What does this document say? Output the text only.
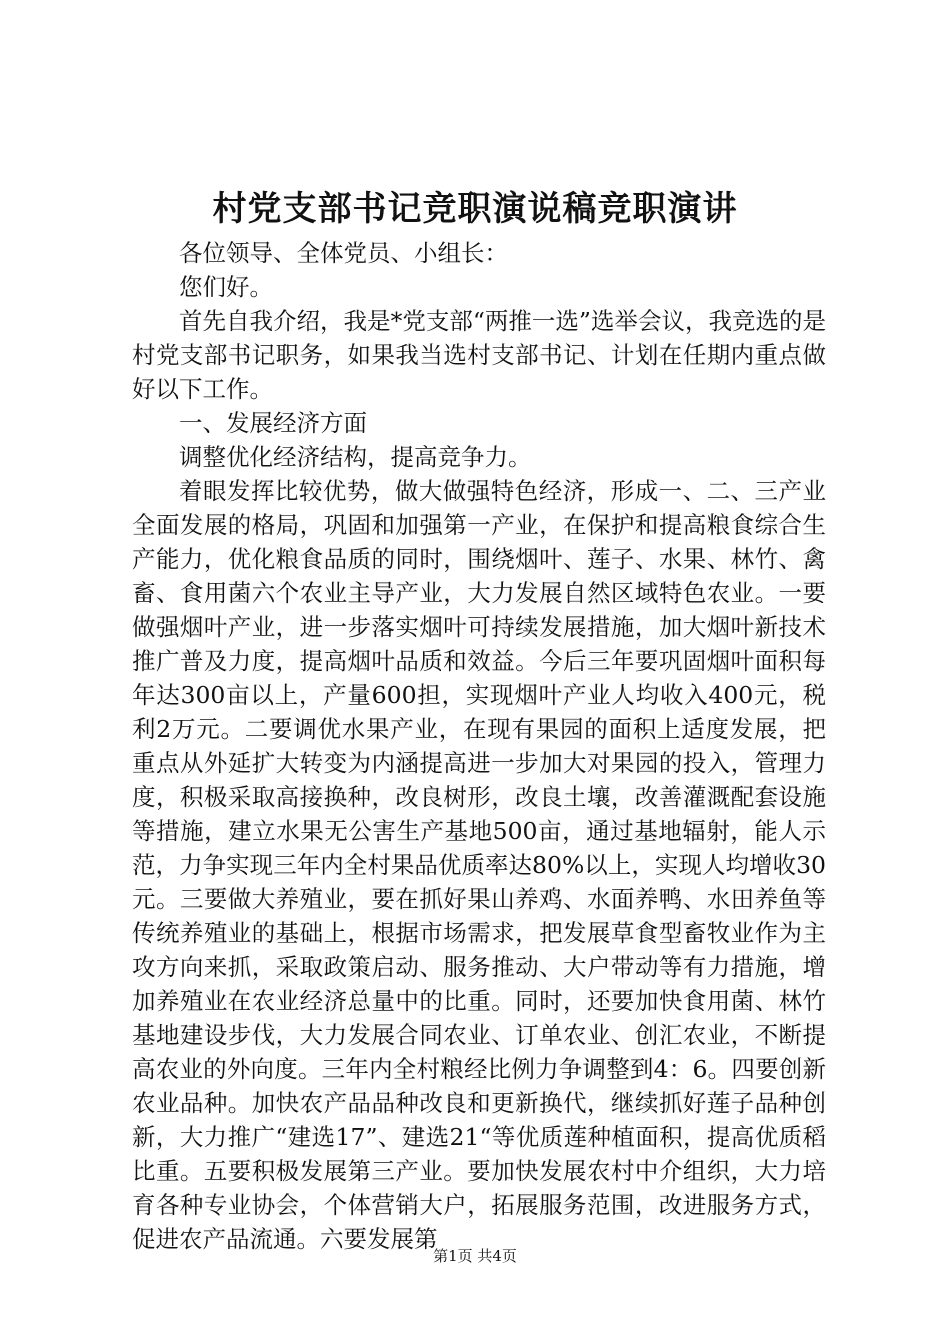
村党支部书记竞职演说稿竞职演讲

各位领导、全体党员、小组长：

您们好。

首先自我介绍，我是*党支部“两推一选”选举会议，我竞选的是村党支部书记职务，如果我当选村支部书记、计划在任期内重点做好以下工作。

一、发展经济方面

调整优化经济结构，提高竞争力。

着眼发挥比较优势，做大做强特色经济，形成一、二、三产业全面发展的格局，巩固和加强第一产业，在保护和提高粮食综合生产能力，优化粮食品质的同时，围绕烟叶、莲子、水果、林竹、禽畜、食用菌六个农业主导产业，大力发展自然区域特色农业。一要做强烟叶产业，进一步落实烟叶可持续发展措施，加大烟叶新技术推广普及力度，提高烟叶品质和效益。今后三年要巩固烟叶面积每年达300亩以上，产量600担，实现烟叶产业人均收入400元，税利2万元。二要调优水果产业，在现有果园的面积上适度发展，把重点从外延扩大转变为内涵提高进一步加大对果园的投入，管理力度，积极采取高接换种，改良树形，改良土壤，改善灌溉配套设施等措施，建立水果无公害生产基地500亩，通过基地辐射，能人示范，力争实现三年内全村果品优质率达80%以上，实现人均增收30元。三要做大养殖业，要在抓好果山养鸡、水面养鸭、水田养鱼等传统养殖业的基础上，根据市场需求，把发展草食型畜牧业作为主攻方向来抓，采取政策启动、服务推动、大户带动等有力措施，增加养殖业在农业经济总量中的比重。同时，还要加快食用菌、林竹基地建设步伐，大力发展合同农业、订单农业、创汇农业，不断提高农业的外向度。三年内全村粮经比例力争调整到4：6。四要创新农业品种。加快农产品品种改良和更新换代，继续抓好莲子品种创新，大力推广“建选17”、建选21“等优质莲种植面积，提高优质稻比重。五要积极发展第三产业。要加快发展农村中介组织，大力培育各种专业协会，个体营销大户，拓展服务范围，改进服务方式，促进农产品流通。六要发展第

第1页 共4页
